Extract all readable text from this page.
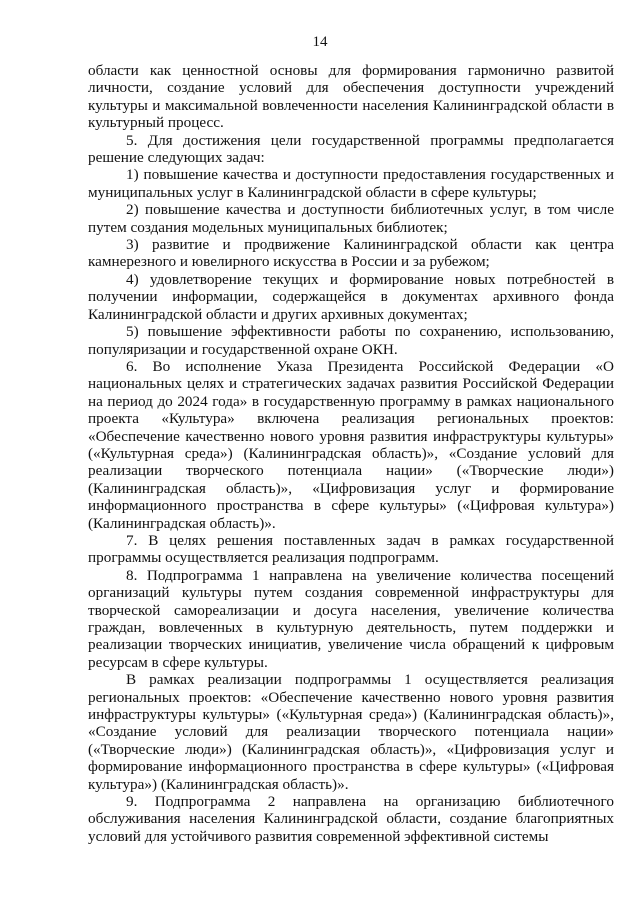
14

области как ценностной основы для формирования гармонично развитой личности, создание условий для обеспечения доступности учреждений культуры и максимальной вовлеченности населения Калининградской области в культурный процесс.

5. Для достижения цели государственной программы предполагается решение следующих задач:

1) повышение качества и доступности предоставления государственных и муниципальных услуг в Калининградской области в сфере культуры;

2) повышение качества и доступности библиотечных услуг, в том числе путем создания модельных муниципальных библиотек;

3) развитие и продвижение Калининградской области как центра камнерезного и ювелирного искусства в России и за рубежом;

4) удовлетворение текущих и формирование новых потребностей в получении информации, содержащейся в документах архивного фонда Калининградской области и других архивных документах;

5) повышение эффективности работы по сохранению, использованию, популяризации и государственной охране ОКН.

6. Во исполнение Указа Президента Российской Федерации «О национальных целях и стратегических задачах развития Российской Федерации на период до 2024 года» в государственную программу в рамках национального проекта «Культура» включена реализация региональных проектов: «Обеспечение качественно нового уровня развития инфраструктуры культуры» («Культурная среда») (Калининградская область)», «Создание условий для реализации творческого потенциала нации» («Творческие люди») (Калининградская область)», «Цифровизация услуг и формирование информационного пространства в сфере культуры» («Цифровая культура») (Калининградская область)».

7. В целях решения поставленных задач в рамках государственной программы осуществляется реализация подпрограмм.

8. Подпрограмма 1 направлена на увеличение количества посещений организаций культуры путем создания современной инфраструктуры для творческой самореализации и досуга населения, увеличение количества граждан, вовлеченных в культурную деятельность, путем поддержки и реализации творческих инициатив, увеличение числа обращений к цифровым ресурсам в сфере культуры.

В рамках реализации подпрограммы 1 осуществляется реализация региональных проектов: «Обеспечение качественно нового уровня развития инфраструктуры культуры» («Культурная среда») (Калининградская область)», «Создание условий для реализации творческого потенциала нации» («Творческие люди») (Калининградская область)», «Цифровизация услуг и формирование информационного пространства в сфере культуры» («Цифровая культура») (Калининградская область)».

9. Подпрограмма 2 направлена на организацию библиотечного обслуживания населения Калининградской области, создание благоприятных условий для устойчивого развития современной эффективной системы
